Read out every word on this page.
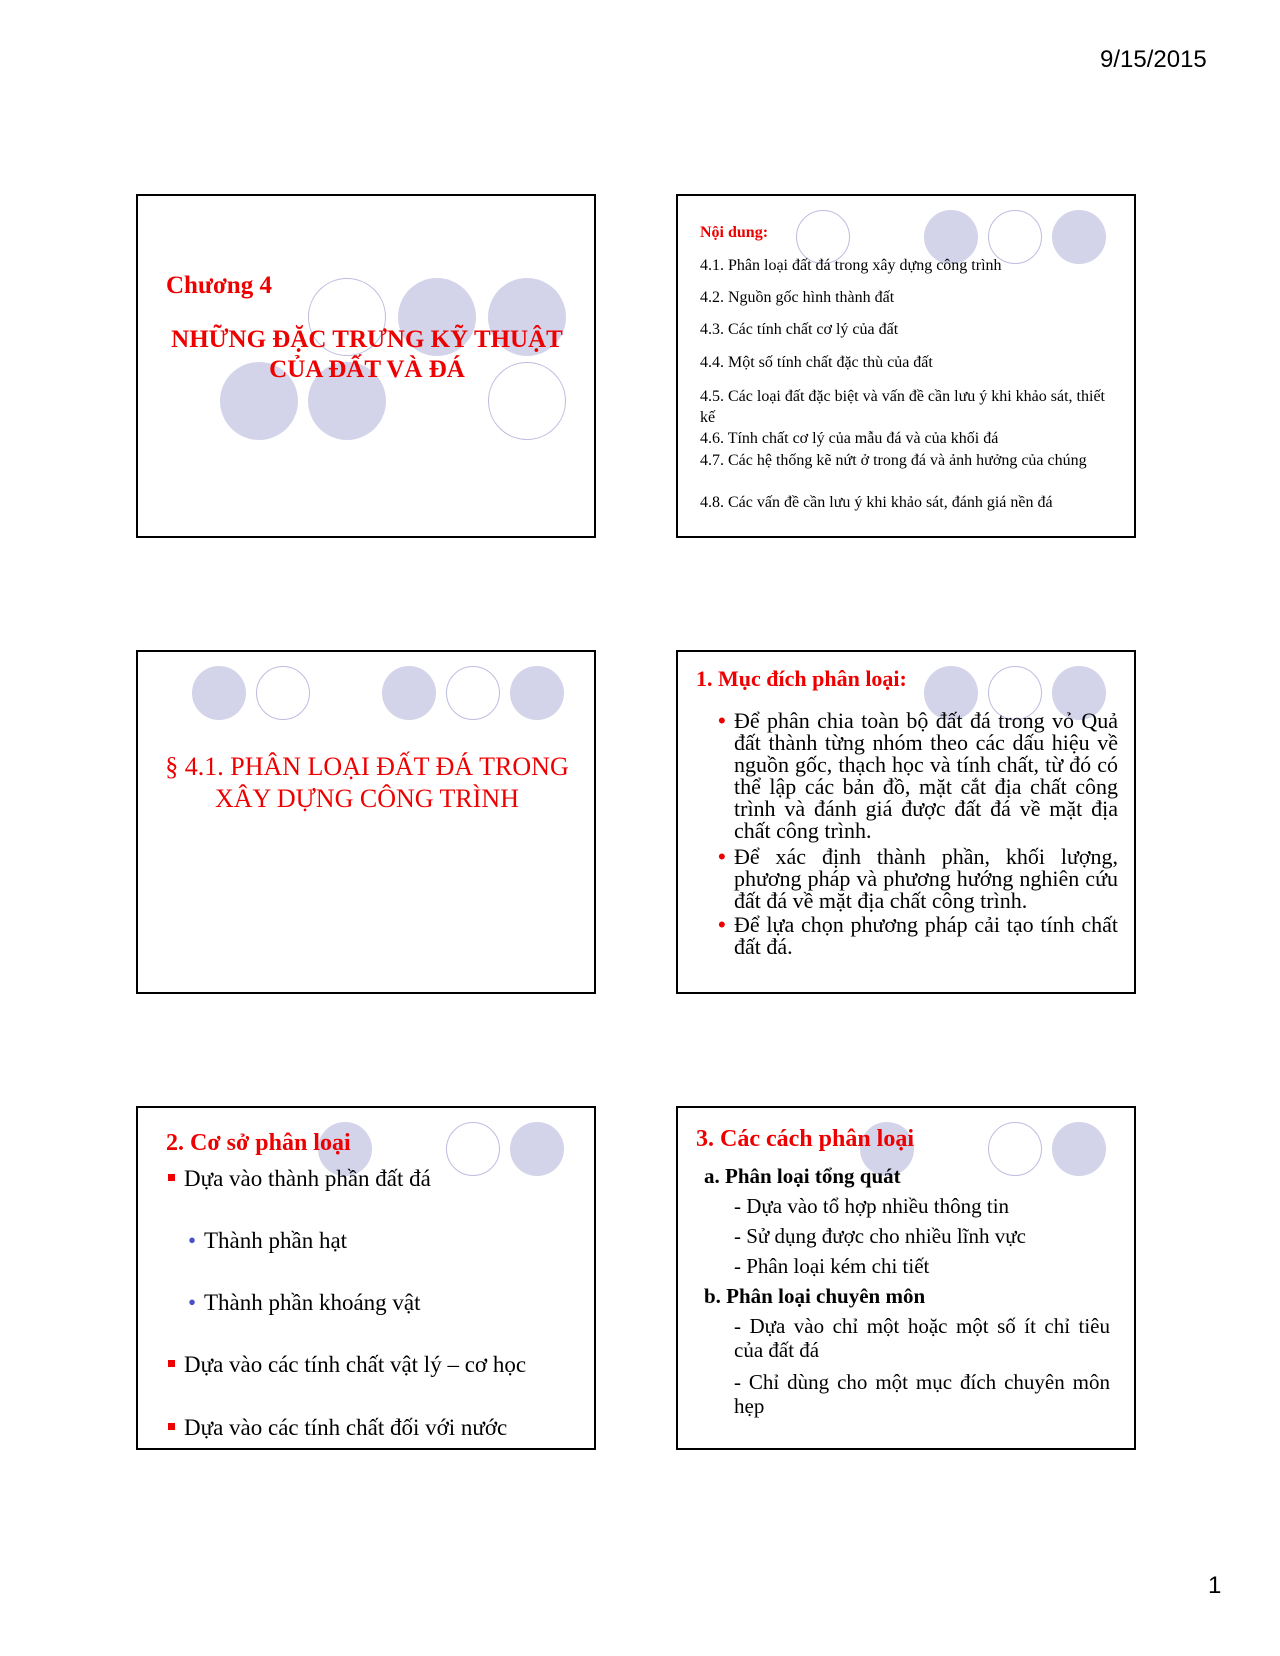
9/15/2015
Chương 4
NHỮNG ĐẶC TRƯNG KỸ THUẬT
CỦA ĐẤT VÀ ĐÁ
Nội dung:
4.1. Phân loại đất đá trong xây dựng công trình
4.2. Nguồn gốc hình thành đất
4.3. Các tính chất cơ lý của đất
4.4. Một số tính chất đặc thù của đất
4.5. Các loại đất đặc biệt và vấn đề cần lưu ý khi khảo sát, thiết kế
4.6. Tính chất cơ lý của mẫu đá và của khối đá
4.7. Các hệ thống kẽ nứt ở trong đá và ảnh hưởng của chúng
4.8. Các vấn đề cần lưu ý khi khảo sát, đánh giá nền đá
§ 4.1. PHÂN LOẠI ĐẤT ĐÁ TRONG
XÂY DỰNG CÔNG TRÌNH
1. Mục đích phân loại:
• Để phân chia toàn bộ đất đá trong vỏ Quả đất thành từng nhóm theo các dấu hiệu về nguồn gốc, thạch học và tính chất, từ đó có thể lập các bản đồ, mặt cắt địa chất công trình và đánh giá được đất đá về mặt địa chất công trình.
• Để xác định thành phần, khối lượng, phương pháp và phương hướng nghiên cứu đất đá về mặt địa chất công trình.
• Để lựa chọn phương pháp cải tạo tính chất đất đá.
2. Cơ sở phân loại
Dựa vào thành phần đất đá
• Thành phần hạt
• Thành phần khoáng vật
Dựa vào các tính chất vật lý – cơ học
Dựa vào các tính chất đối với nước
3. Các cách phân loại
a. Phân loại tổng quát
- Dựa vào tổ hợp nhiều thông tin
- Sử dụng được cho nhiều lĩnh vực
- Phân loại kém chi tiết
b. Phân loại chuyên môn
- Dựa vào chỉ một hoặc một số ít chỉ tiêu của đất đá
- Chỉ dùng cho một mục đích chuyên môn hẹp
1
